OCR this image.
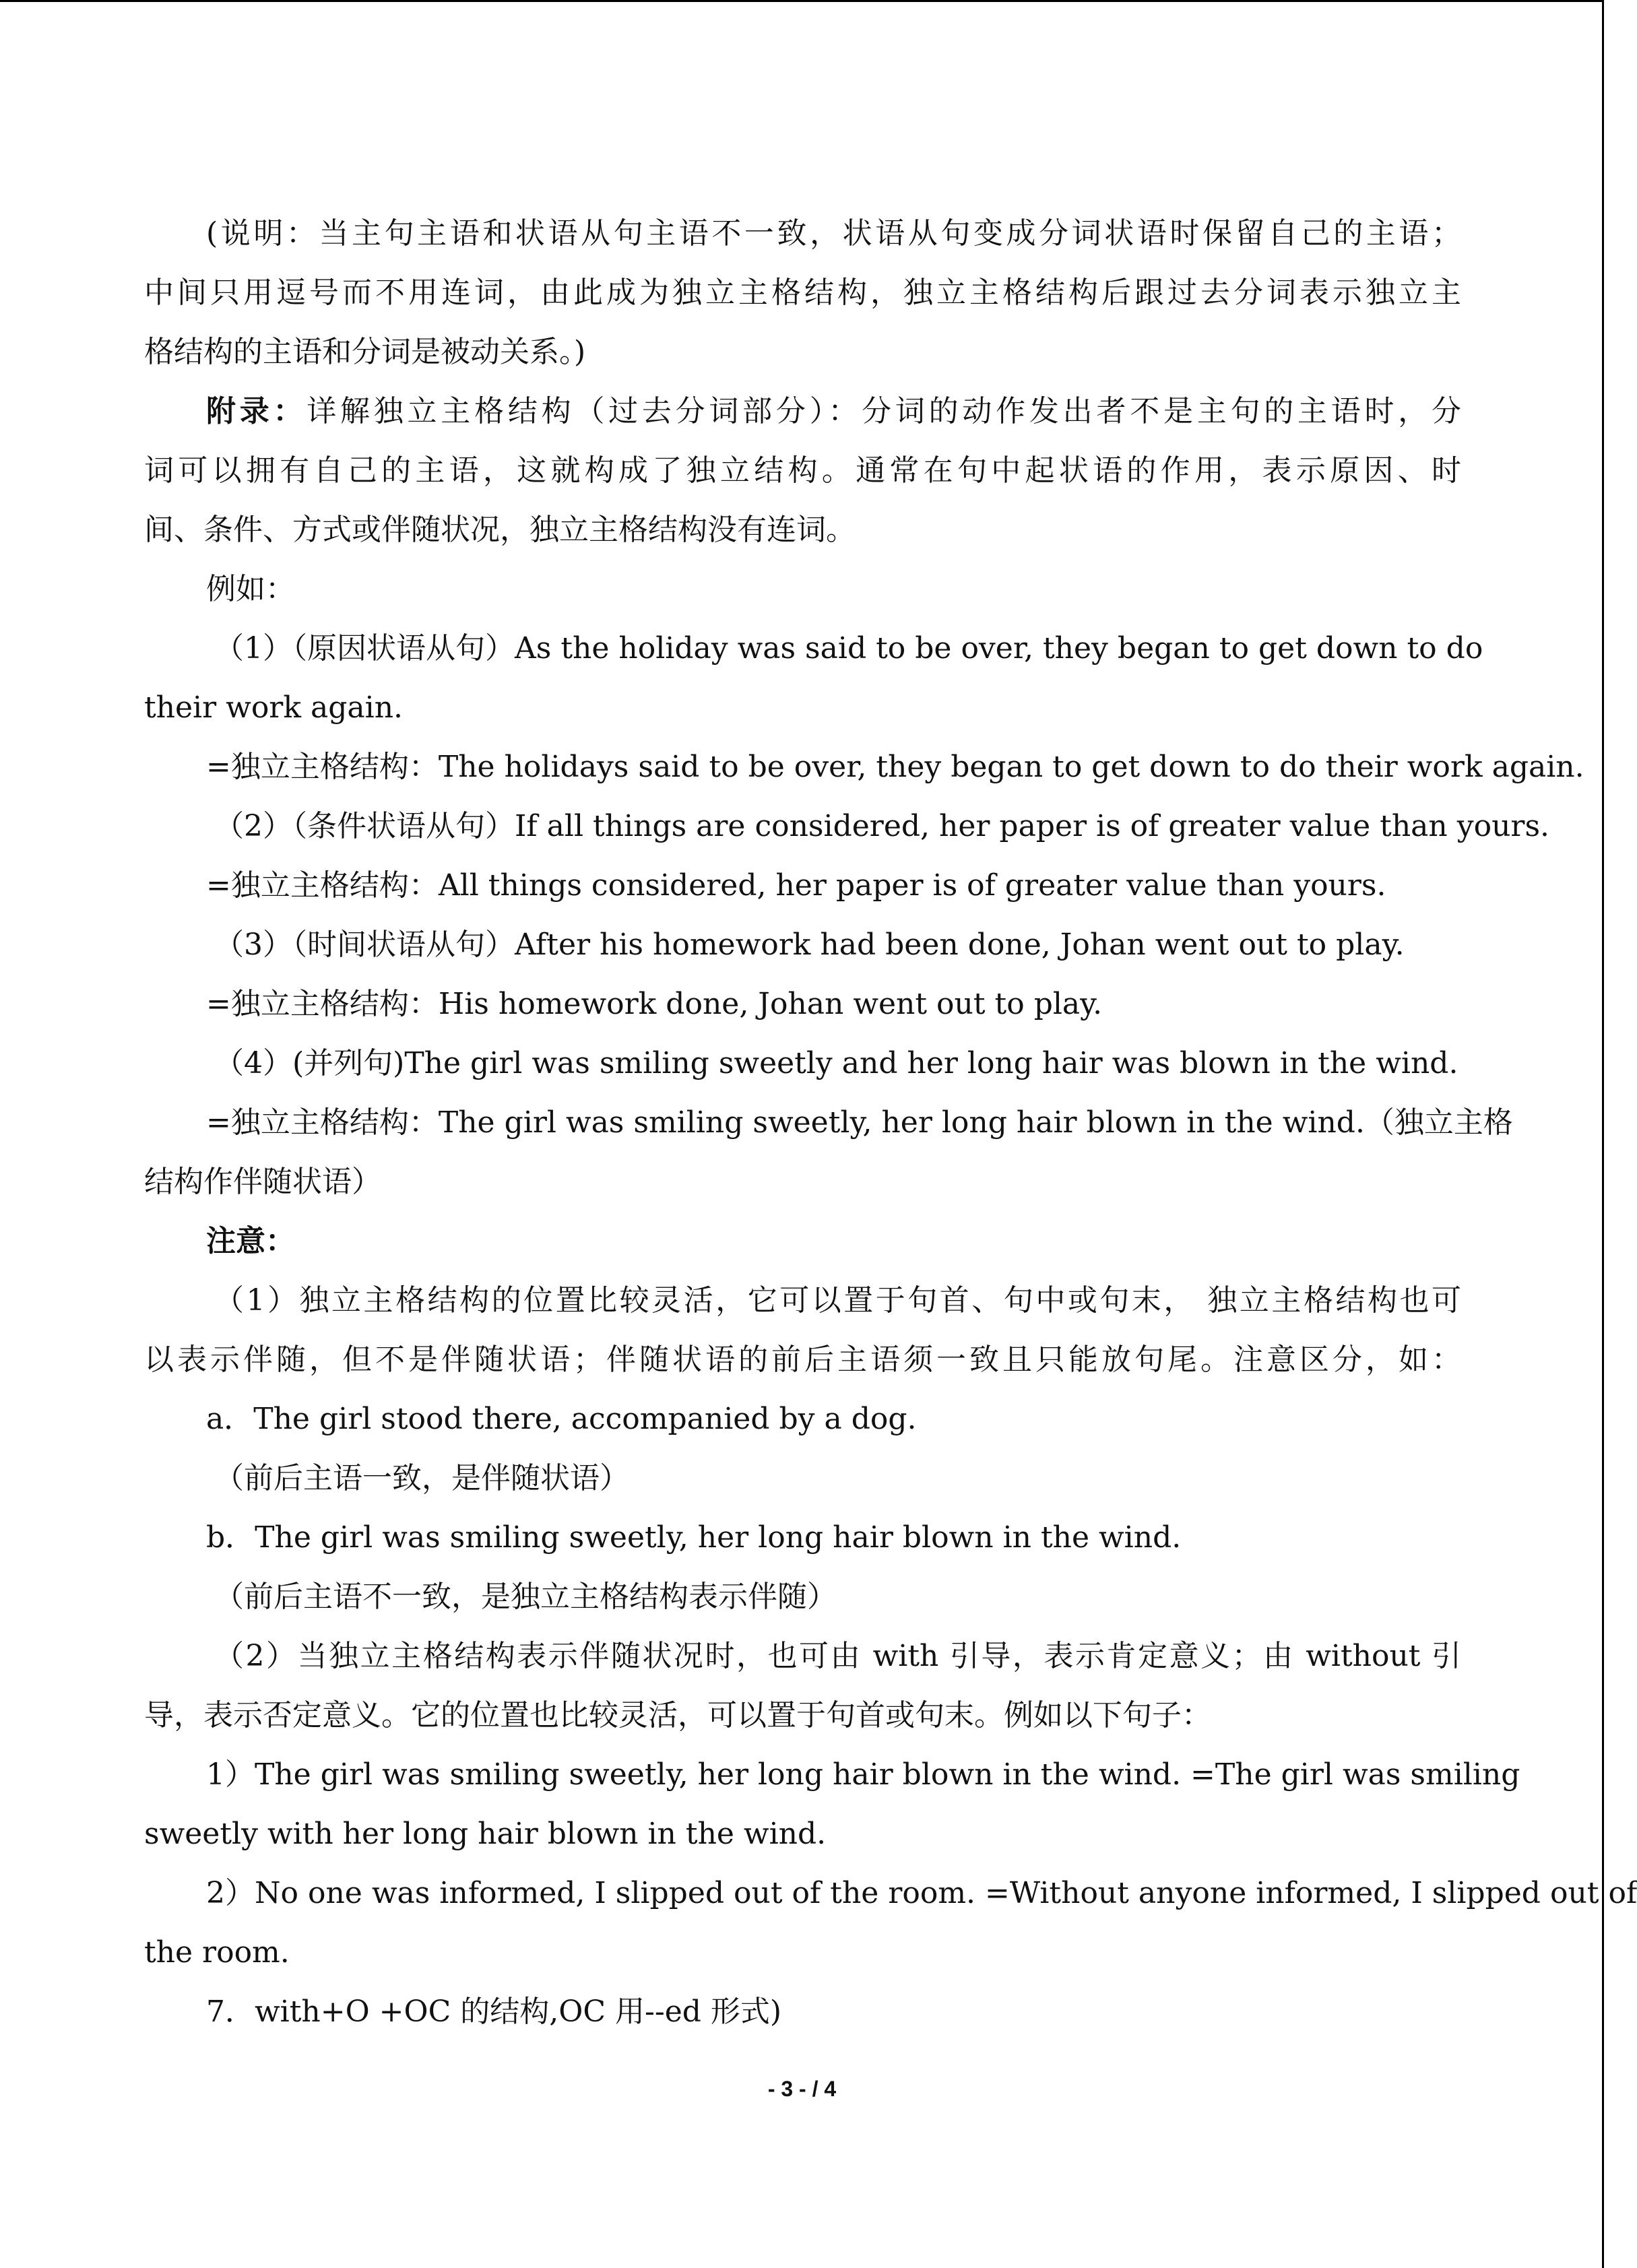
(说明：当主句主语和状语从句主语不一致，状语从句变成分词状语时保留自己的主语；
中间只用逗号而不用连词，由此成为独立主格结构，独立主格结构后跟过去分词表示独立主
格结构的主语和分词是被动关系。)
附录：详解独立主格结构（过去分词部分）：分词的动作发出者不是主句的主语时，分
词可以拥有自己的主语，这就构成了独立结构。通常在句中起状语的作用，表示原因、时
间、条件、方式或伴随状况，独立主格结构没有连词。
例如：
（1）（原因状语从句）As the holiday was said to be over, they began to get down to do
their work again.
=独立主格结构：The holidays said to be over, they began to get down to do their work again.
（2）（条件状语从句）If all things are considered, her paper is of greater value than yours.
=独立主格结构：All things considered, her paper is of greater value than yours.
（3）（时间状语从句）After his homework had been done, Johan went out to play.
=独立主格结构：His homework done, Johan went out to play.
（4）(并列句)The girl was smiling sweetly and her long hair was blown in the wind.
=独立主格结构：The girl was smiling sweetly, her long hair blown in the wind.（独立主格
结构作伴随状语）
注意：
（1）独立主格结构的位置比较灵活，它可以置于句首、句中或句末， 独立主格结构也可
以表示伴随，但不是伴随状语；伴随状语的前后主语须一致且只能放句尾。注意区分，如：
a．The girl stood there, accompanied by a dog.
（前后主语一致，是伴随状语）
b．The girl was smiling sweetly, her long hair blown in the wind.
（前后主语不一致，是独立主格结构表示伴随）
（2）当独立主格结构表示伴随状况时，也可由 with 引导，表示肯定意义；由 without 引
导，表示否定意义。它的位置也比较灵活，可以置于句首或句末。例如以下句子：
1）The girl was smiling sweetly, her long hair blown in the wind. =The girl was smiling
sweetly with her long hair blown in the wind.
2）No one was informed, I slipped out of the room. =Without anyone informed, I slipped out of
the room.
7．with+O +OC 的结构,OC 用--ed 形式)
- 3 - / 4
